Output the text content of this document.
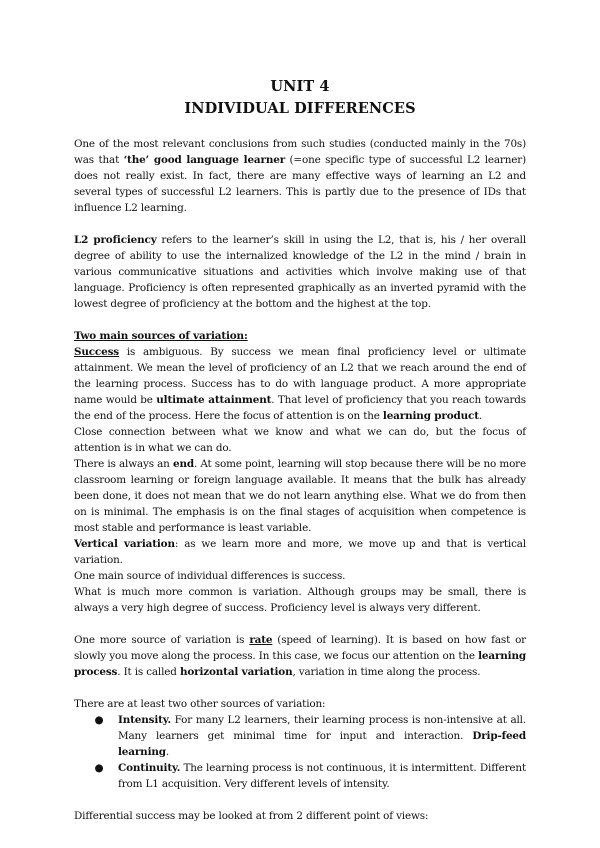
UNIT 4
INDIVIDUAL DIFFERENCES

One of the most relevant conclusions from such studies (conducted mainly in the 70s) was that ‘the’ good language learner (=one specific type of successful L2 learner) does not really exist. In fact, there are many effective ways of learning an L2 and several types of successful L2 learners. This is partly due to the presence of IDs that influence L2 learning.

L2 proficiency refers to the learner’s skill in using the L2, that is, his / her overall degree of ability to use the internalized knowledge of the L2 in the mind / brain in various communicative situations and activities which involve making use of that language. Proficiency is often represented graphically as an inverted pyramid with the lowest degree of proficiency at the bottom and the highest at the top.

Two main sources of variation:

Success is ambiguous. By success we mean final proficiency level or ultimate attainment. We mean the level of proficiency of an L2 that we reach around the end of the learning process. Success has to do with language product. A more appropriate name would be ultimate attainment. That level of proficiency that you reach towards the end of the process. Here the focus of attention is on the learning product.

Close connection between what we know and what we can do, but the focus of attention is in what we can do.

There is always an end. At some point, learning will stop because there will be no more classroom learning or foreign language available. It means that the bulk has already been done, it does not mean that we do not learn anything else. What we do from then on is minimal. The emphasis is on the final stages of acquisition when competence is most stable and performance is least variable.

Vertical variation: as we learn more and more, we move up and that is vertical variation.

One main source of individual differences is success.

What is much more common is variation. Although groups may be small, there is always a very high degree of success. Proficiency level is always very different.

One more source of variation is rate (speed of learning). It is based on how fast or slowly you move along the process. In this case, we focus our attention on the learning process. It is called horizontal variation, variation in time along the process.

There are at least two other sources of variation:

● Intensity. For many L2 learners, their learning process is non-intensive at all. Many learners get minimal time for input and interaction. Drip-feed learning.
● Continuity. The learning process is not continuous, it is intermittent. Different from L1 acquisition. Very different levels of intensity.

Differential success may be looked at from 2 different point of views:
